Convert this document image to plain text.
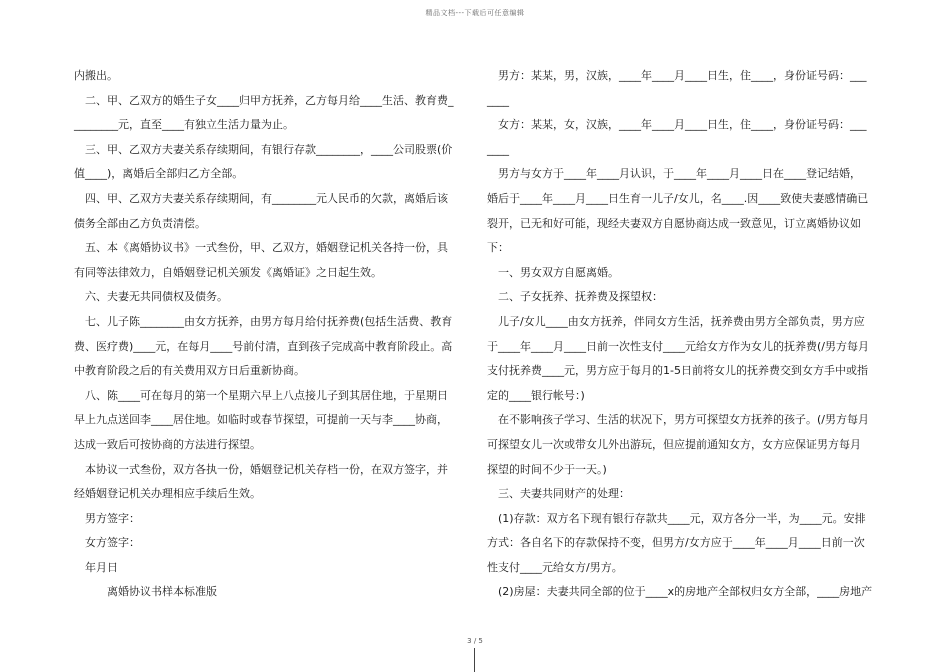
精品文档---下载后可任意编辑

内搬出。

　二、甲、乙双方的婚生子女____归甲方抚养，乙方每月给____生活、教育费_

________元，直至____有独立生活力量为止。

　三、甲、乙双方夫妻关系存续期间，有银行存款________，____公司股票(价

值____)，离婚后全部归乙方全部。

　四、甲、乙双方夫妻关系存续期间，有________元人民币的欠款，离婚后该

债务全部由乙方负责清偿。

　五、本《离婚协议书》一式叁份，甲、乙双方，婚姻登记机关各持一份，具

有同等法律效力，自婚姻登记机关颁发《离婚证》之日起生效。

　六、夫妻无共同债权及债务。

　七、儿子陈________由女方抚养，由男方每月给付抚养费(包括生活费、教育

费、医疗费)____元，在每月____号前付清，直到孩子完成高中教育阶段止。高

中教育阶段之后的有关费用双方日后重新协商。

　八、陈____可在每月的第一个星期六早上八点接儿子到其居住地，于星期日

早上九点送回李____居住地。如临时或春节探望，可提前一天与李____协商，

达成一致后可按协商的方法进行探望。

　本协议一式叁份，双方各执一份，婚姻登记机关存档一份，在双方签字，并

经婚姻登记机关办理相应手续后生效。

　男方签字：

　女方签字：

　年月日

　　　离婚协议书样本标准版

　男方：某某，男，汉族，____年____月____日生，住____，身份证号码：___

____

　女方：某某，女，汉族，____年____月____日生，住____，身份证号码：___

____

　男方与女方于____年____月认识，于____年____月____日在____登记结婚，

婚后于____年____月____日生育一儿子/女儿，名____.因____致使夫妻感情确已

裂开，已无和好可能，现经夫妻双方自愿协商达成一致意见，订立离婚协议如

下：

　一、男女双方自愿离婚。

　二、子女抚养、抚养费及探望权：

　儿子/女儿____由女方抚养，伴同女方生活，抚养费由男方全部负责，男方应

于____年____月____日前一次性支付____元给女方作为女儿的抚养费(/男方每月

支付抚养费____元，男方应于每月的1-5日前将女儿的抚养费交到女方手中或指

定的____银行帐号：)

　在不影响孩子学习、生活的状况下，男方可探望女方抚养的孩子。(/男方每月

可探望女儿一次或带女儿外出游玩，但应提前通知女方，女方应保证男方每月

探望的时间不少于一天。)

　三、夫妻共同财产的处理：

　(1)存款：双方名下现有银行存款共____元，双方各分一半，为____元。安排

方式：各自名下的存款保持不变，但男方/女方应于____年____月____日前一次

性支付____元给女方/男方。

　(2)房屋：夫妻共同全部的位于____x的房地产全部权归女方全部，____房地产

3 / 5
